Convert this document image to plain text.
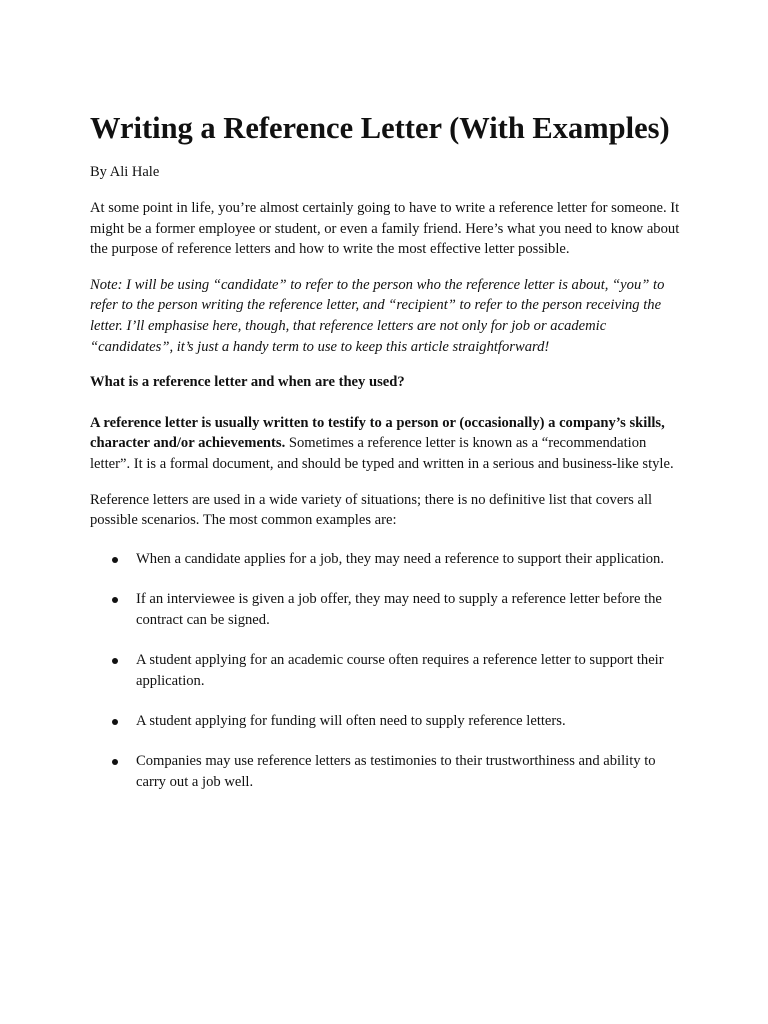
Writing a Reference Letter (With Examples)
By Ali Hale

At some point in life, you’re almost certainly going to have to write a reference letter for someone. It might be a former employee or student, or even a family friend. Here’s what you need to know about the purpose of reference letters and how to write the most effective letter possible.

Note: I will be using “candidate” to refer to the person who the reference letter is about, “you” to refer to the person writing the reference letter, and “recipient” to refer to the person receiving the letter. I’ll emphasise here, though, that reference letters are not only for job or academic “candidates”, it’s just a handy term to use to keep this article straightforward!

What is a reference letter and when are they used?

A reference letter is usually written to testify to a person or (occasionally) a company’s skills, character and/or achievements. Sometimes a reference letter is known as a “recommendation letter”. It is a formal document, and should be typed and written in a serious and business-like style.

Reference letters are used in a wide variety of situations; there is no definitive list that covers all possible scenarios. The most common examples are:

When a candidate applies for a job, they may need a reference to support their application.
If an interviewee is given a job offer, they may need to supply a reference letter before the contract can be signed.
A student applying for an academic course often requires a reference letter to support their application.
A student applying for funding will often need to supply reference letters.
Companies may use reference letters as testimonies to their trustworthiness and ability to carry out a job well.
